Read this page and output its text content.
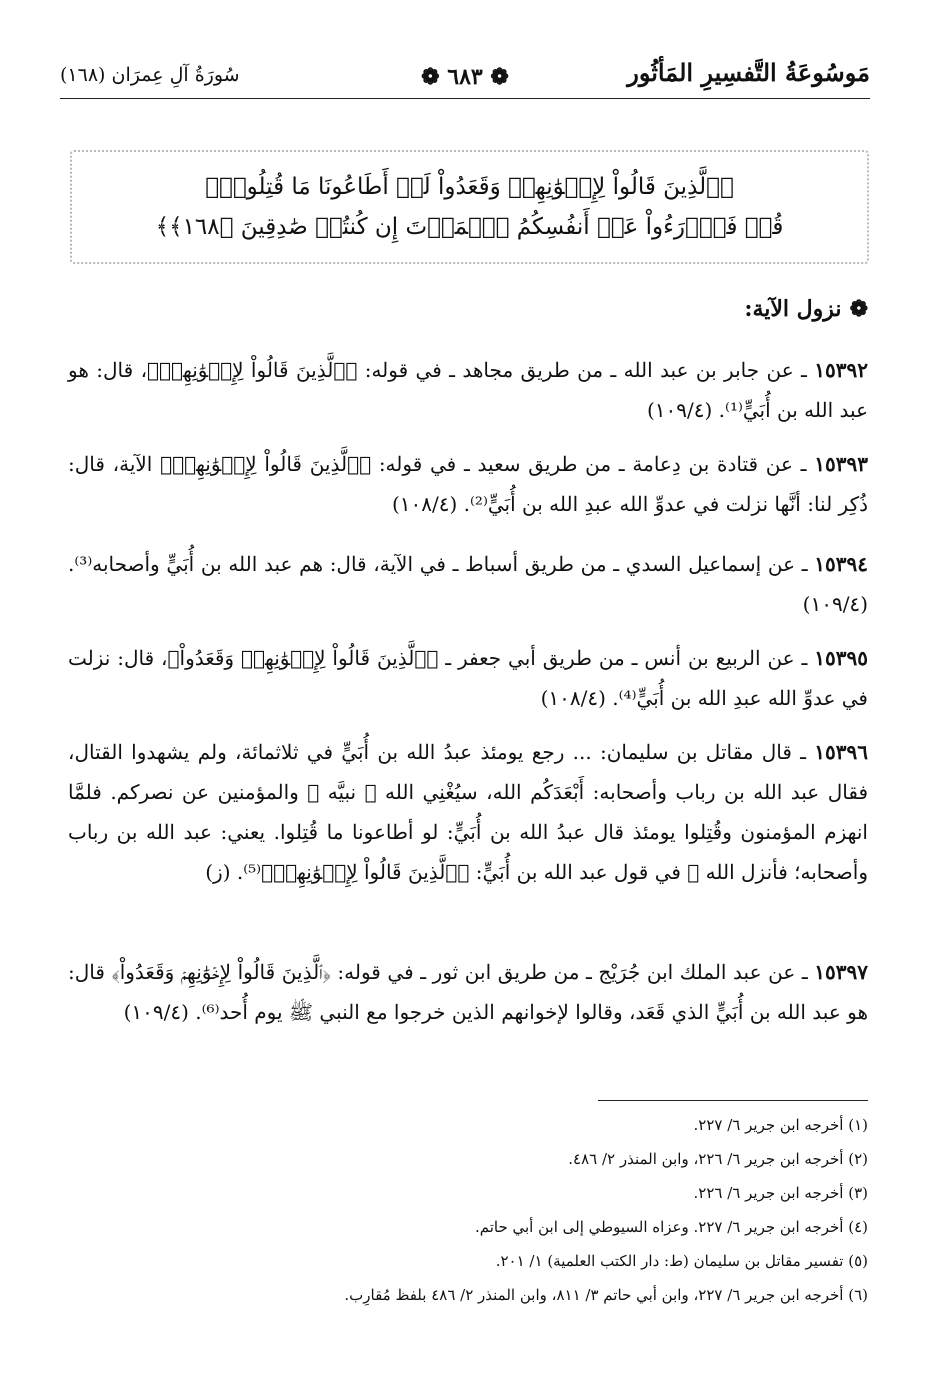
مَوسُوعَةُ التَّفسِيرِ المَأثُور
❁ ٦٨٣ ❁
سُورَةُ آلِ عِمرَان (١٦٨)
﴿ٱلَّذِينَ قَالُواْ لِإِخۡوَٰنِهِمۡ وَقَعَدُواْ لَوۡ أَطَاعُونَا مَا قُتِلُواْۗ
قُلۡ فَٱدۡرَءُواْ عَنۡ أَنفُسِكُمُ ٱلۡمَوۡتَ إِن كُنتُمۡ صَٰدِقِينَ ﴿١٦٨﴾﴾
❁نزول الآية:
١٥٣٩٢ ـ عن جابر بن عبد الله ـ من طريق مجاهد ـ في قوله: ﴿ٱلَّذِينَ قَالُواْ لِإِخۡوَٰنِهِمۡ﴾، قال: هو عبد الله بن أُبَيٍّ⁽¹⁾. (١٠٩/٤)
١٥٣٩٣ ـ عن قتادة بن دِعامة ـ من طريق سعيد ـ في قوله: ﴿ٱلَّذِينَ قَالُواْ لِإِخۡوَٰنِهِمۡ﴾ الآية، قال: ذُكِر لنا: أنَّها نزلت في عدوِّ الله عبدِ الله بن أُبَيٍّ⁽²⁾. (١٠٨/٤)
١٥٣٩٤ ـ عن إسماعيل السدي ـ من طريق أسباط ـ في الآية، قال: هم عبد الله بن أُبَيٍّ وأصحابه⁽³⁾. (١٠٩/٤)
١٥٣٩٥ ـ عن الربيع بن أنس ـ من طريق أبي جعفر ـ ﴿ٱلَّذِينَ قَالُواْ لِإِخۡوَٰنِهِمۡ وَقَعَدُواْ﴾، قال: نزلت في عدوِّ الله عبدِ الله بن أُبَيٍّ⁽⁴⁾. (١٠٨/٤)
١٥٣٩٦ ـ قال مقاتل بن سليمان: ... رجع يومئذ عبدُ الله بن أُبَيٍّ في ثلاثمائة، ولم يشهدوا القتال، فقال عبد الله بن رباب وأصحابه: أَبْعَدَكُم الله، سيُغْنِي الله ﷻ نبيَّه ﷺ والمؤمنين عن نصركم. فلمَّا انهزم المؤمنون وقُتِلوا يومئذ قال عبدُ الله بن أُبَيٍّ: لو أطاعونا ما قُتِلوا. يعني: عبد الله بن رباب وأصحابه؛ فأنزل الله ﷻ في قول عبد الله بن أُبَيٍّ: ﴿ٱلَّذِينَ قَالُواْ لِإِخۡوَٰنِهِمۡ﴾⁽⁵⁾. (ز)
١٥٣٩٧ ـ عن عبد الملك ابن جُرَيْج ـ من طريق ابن ثور ـ في قوله: ﴿ٱلَّذِينَ قَالُواْ لِإِخۡوَٰنِهِمۡ وَقَعَدُواْ﴾ قال: هو عبد الله بن أُبَيٍّ الذي قَعَد، وقالوا لإخوانهم الذين خرجوا مع النبي ﷺ يوم أُحد⁽⁶⁾. (١٠٩/٤)
(١) أخرجه ابن جرير ٦/ ٢٢٧.
(٢) أخرجه ابن جرير ٦/ ٢٢٦، وابن المنذر ٢/ ٤٨٦.
(٣) أخرجه ابن جرير ٦/ ٢٢٦.
(٤) أخرجه ابن جرير ٦/ ٢٢٧. وعزاه السيوطي إلى ابن أبي حاتم.
(٥) تفسير مقاتل بن سليمان (ط: دار الكتب العلمية) ١/ ٢٠١.
(٦) أخرجه ابن جرير ٦/ ٢٢٧، وابن أبي حاتم ٣/ ٨١١، وابن المنذر ٢/ ٤٨٦ بلفظ مُقارِب.
